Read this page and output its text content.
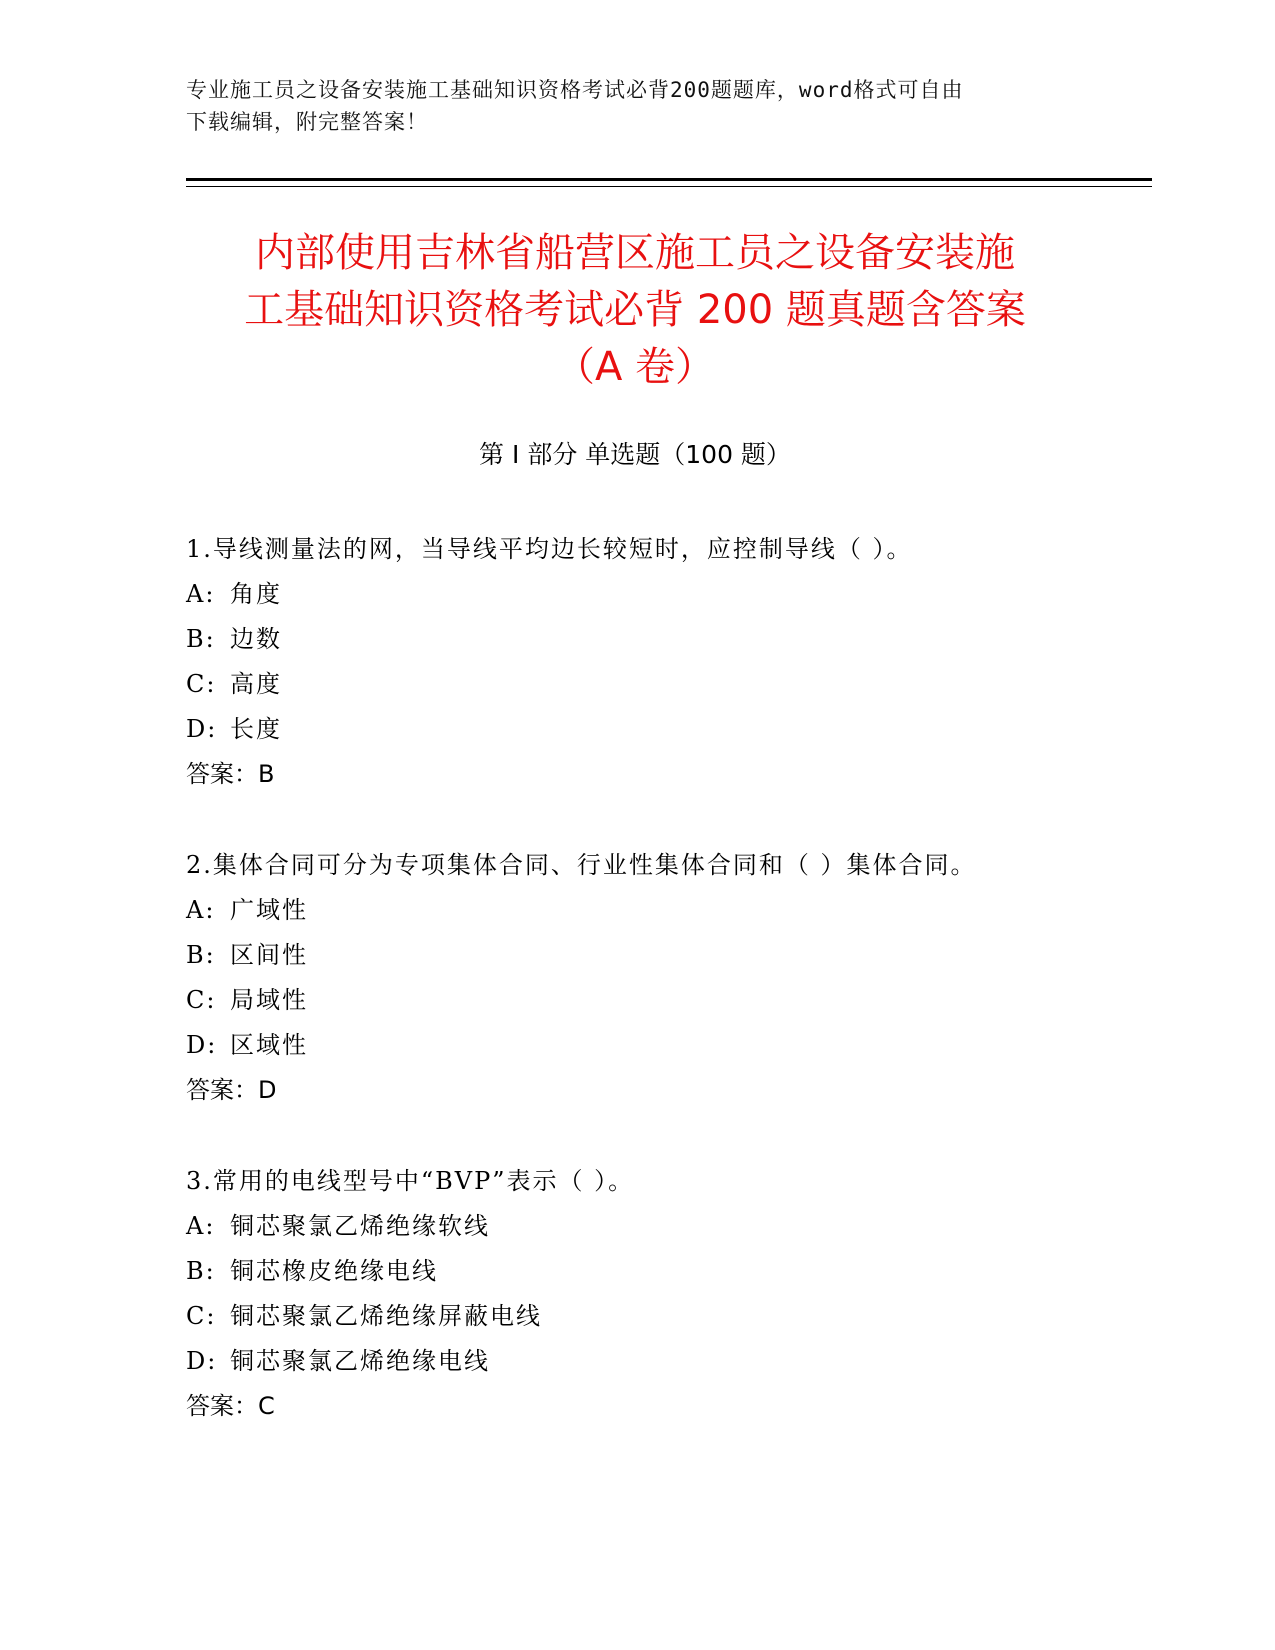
专业施工员之设备安装施工基础知识资格考试必背200题题库，word格式可自由
下载编辑，附完整答案！
内部使用吉林省船营区施工员之设备安装施
工基础知识资格考试必背 200 题真题含答案
（A 卷）
第 I 部分 单选题（100 题）
1.导线测量法的网，当导线平均边长较短时，应控制导线（ ）。
A: 角度
B: 边数
C: 高度
D: 长度
答案：B
2.集体合同可分为专项集体合同、行业性集体合同和（ ）集体合同。
A: 广域性
B: 区间性
C: 局域性
D: 区域性
答案：D
3.常用的电线型号中“BVP”表示（ ）。
A: 铜芯聚氯乙烯绝缘软线
B: 铜芯橡皮绝缘电线
C: 铜芯聚氯乙烯绝缘屏蔽电线
D: 铜芯聚氯乙烯绝缘电线
答案：C
